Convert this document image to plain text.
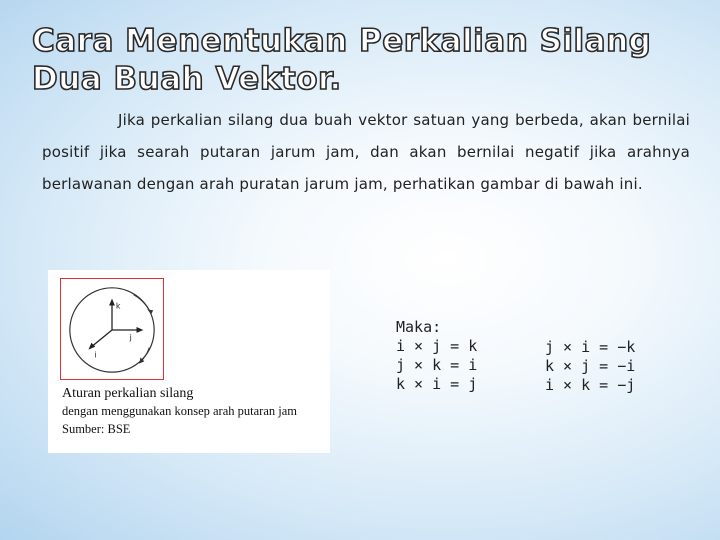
Cara Menentukan Perkalian Silang Dua Buah Vektor.
Jika perkalian silang dua buah vektor satuan yang berbeda, akan bernilai positif jika searah putaran jarum jam, dan akan bernilai negatif jika arahnya berlawanan dengan arah puratan jarum jam, perhatikan gambar di bawah ini.
k
j
i
Aturan perkalian silang
dengan menggunakan konsep arah putaran jam
Sumber: BSE
Maka:
i × j = k
j × k = i
k × i = j
j × i = −k
k × j = −i
i × k = −j
